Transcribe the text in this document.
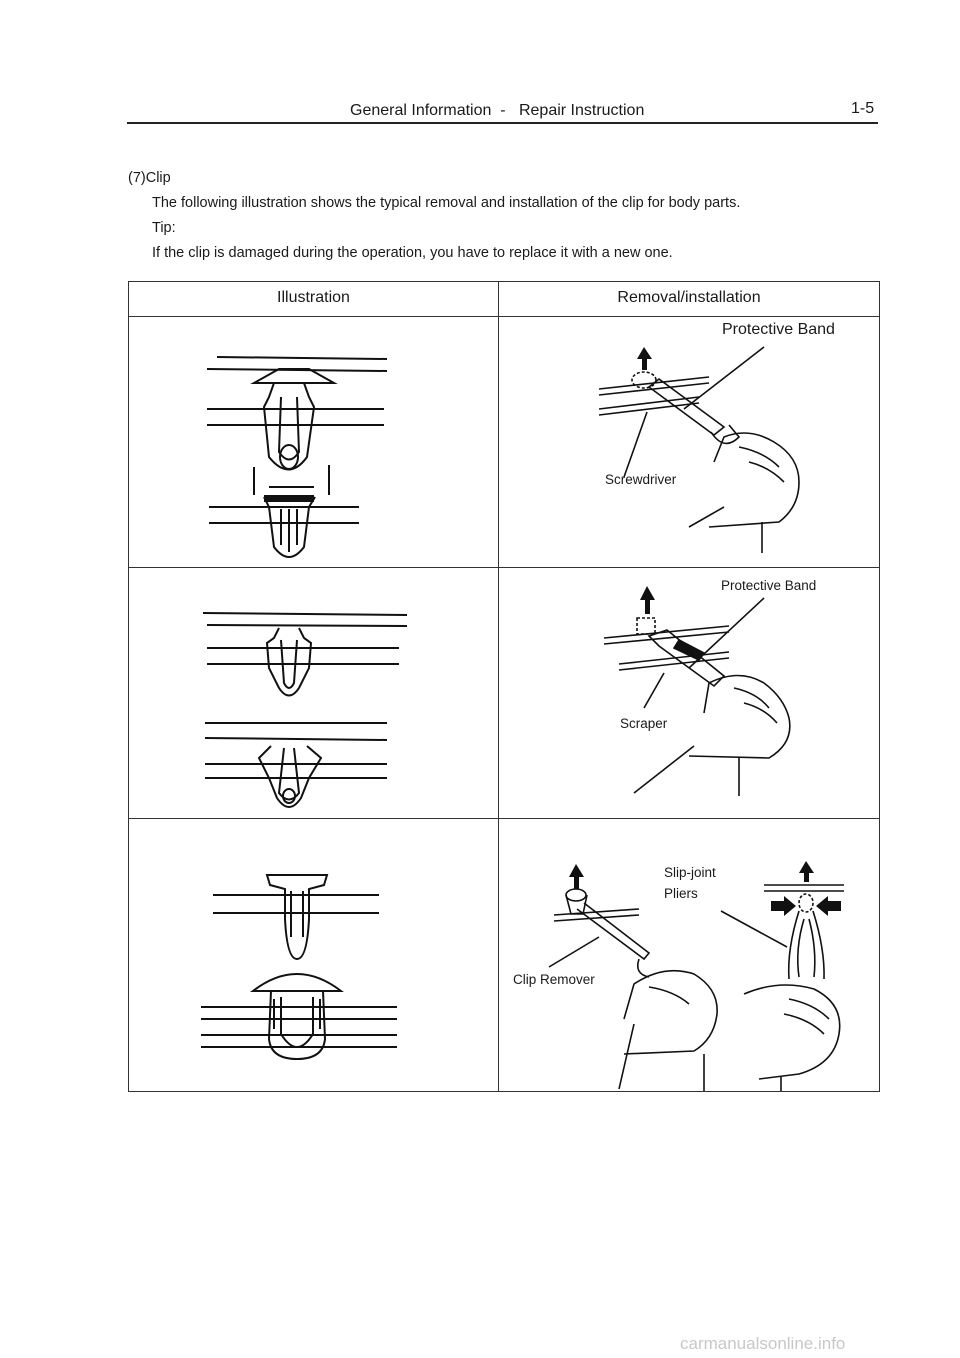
General Information  -   Repair Instruction	1-5
(7)Clip
The following illustration shows the typical removal and installation of the clip for body parts.
Tip:
If the clip is damaged during the operation, you have to replace it with a new one.
Illustration	Removal/installation

Protective Band
Screwdriver

Protective Band
Scraper

Slip-joint
Pliers
Clip Remover
carmanualsonline.info
